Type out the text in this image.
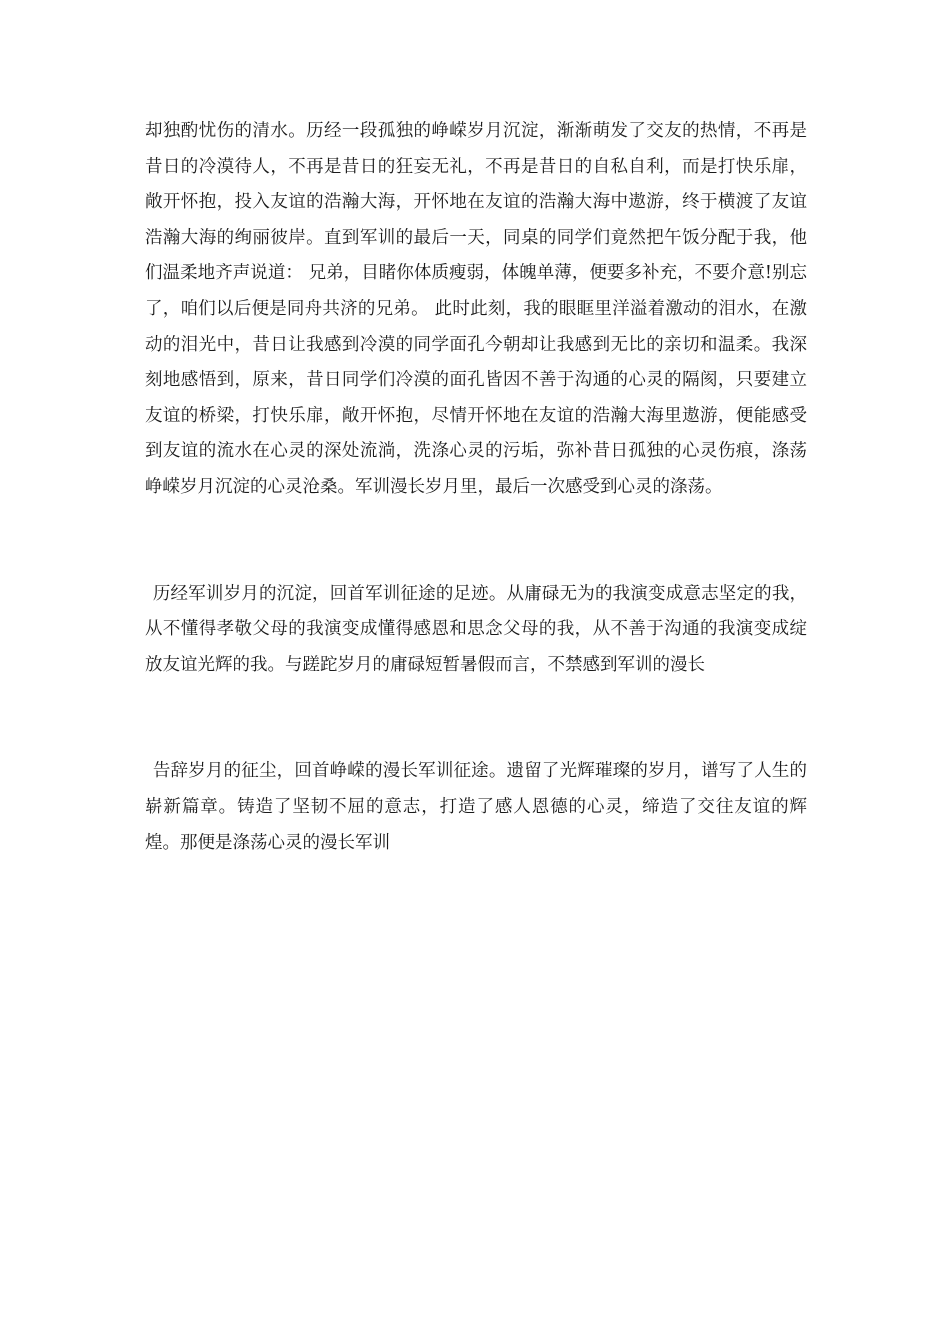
却独酌忧伤的清水。历经一段孤独的峥嵘岁月沉淀，渐渐萌发了交友的热情，不再是昔日的冷漠待人，不再是昔日的狂妄无礼，不再是昔日的自私自利，而是打快乐扉，敞开怀抱，投入友谊的浩瀚大海，开怀地在友谊的浩瀚大海中遨游，终于横渡了友谊浩瀚大海的绚丽彼岸。直到军训的最后一天，同桌的同学们竟然把午饭分配于我，他们温柔地齐声说道： 兄弟，目睹你体质瘦弱，体魄单薄，便要多补充，不要介意!别忘了，咱们以后便是同舟共济的兄弟。 此时此刻，我的眼眶里洋溢着激动的泪水，在激动的泪光中，昔日让我感到冷漠的同学面孔今朝却让我感到无比的亲切和温柔。我深刻地感悟到，原来，昔日同学们冷漠的面孔皆因不善于沟通的心灵的隔阂，只要建立友谊的桥梁，打快乐扉，敞开怀抱，尽情开怀地在友谊的浩瀚大海里遨游，便能感受到友谊的流水在心灵的深处流淌，洗涤心灵的污垢，弥补昔日孤独的心灵伤痕，涤荡峥嵘岁月沉淀的心灵沧桑。军训漫长岁月里，最后一次感受到心灵的涤荡。

历经军训岁月的沉淀，回首军训征途的足迹。从庸碌无为的我演变成意志坚定的我，从不懂得孝敬父母的我演变成懂得感恩和思念父母的我，从不善于沟通的我演变成绽放友谊光辉的我。与蹉跎岁月的庸碌短暂暑假而言，不禁感到军训的漫长

告辞岁月的征尘，回首峥嵘的漫长军训征途。遗留了光辉璀璨的岁月，谱写了人生的崭新篇章。铸造了坚韧不屈的意志，打造了感人恩德的心灵，缔造了交往友谊的辉煌。那便是涤荡心灵的漫长军训
